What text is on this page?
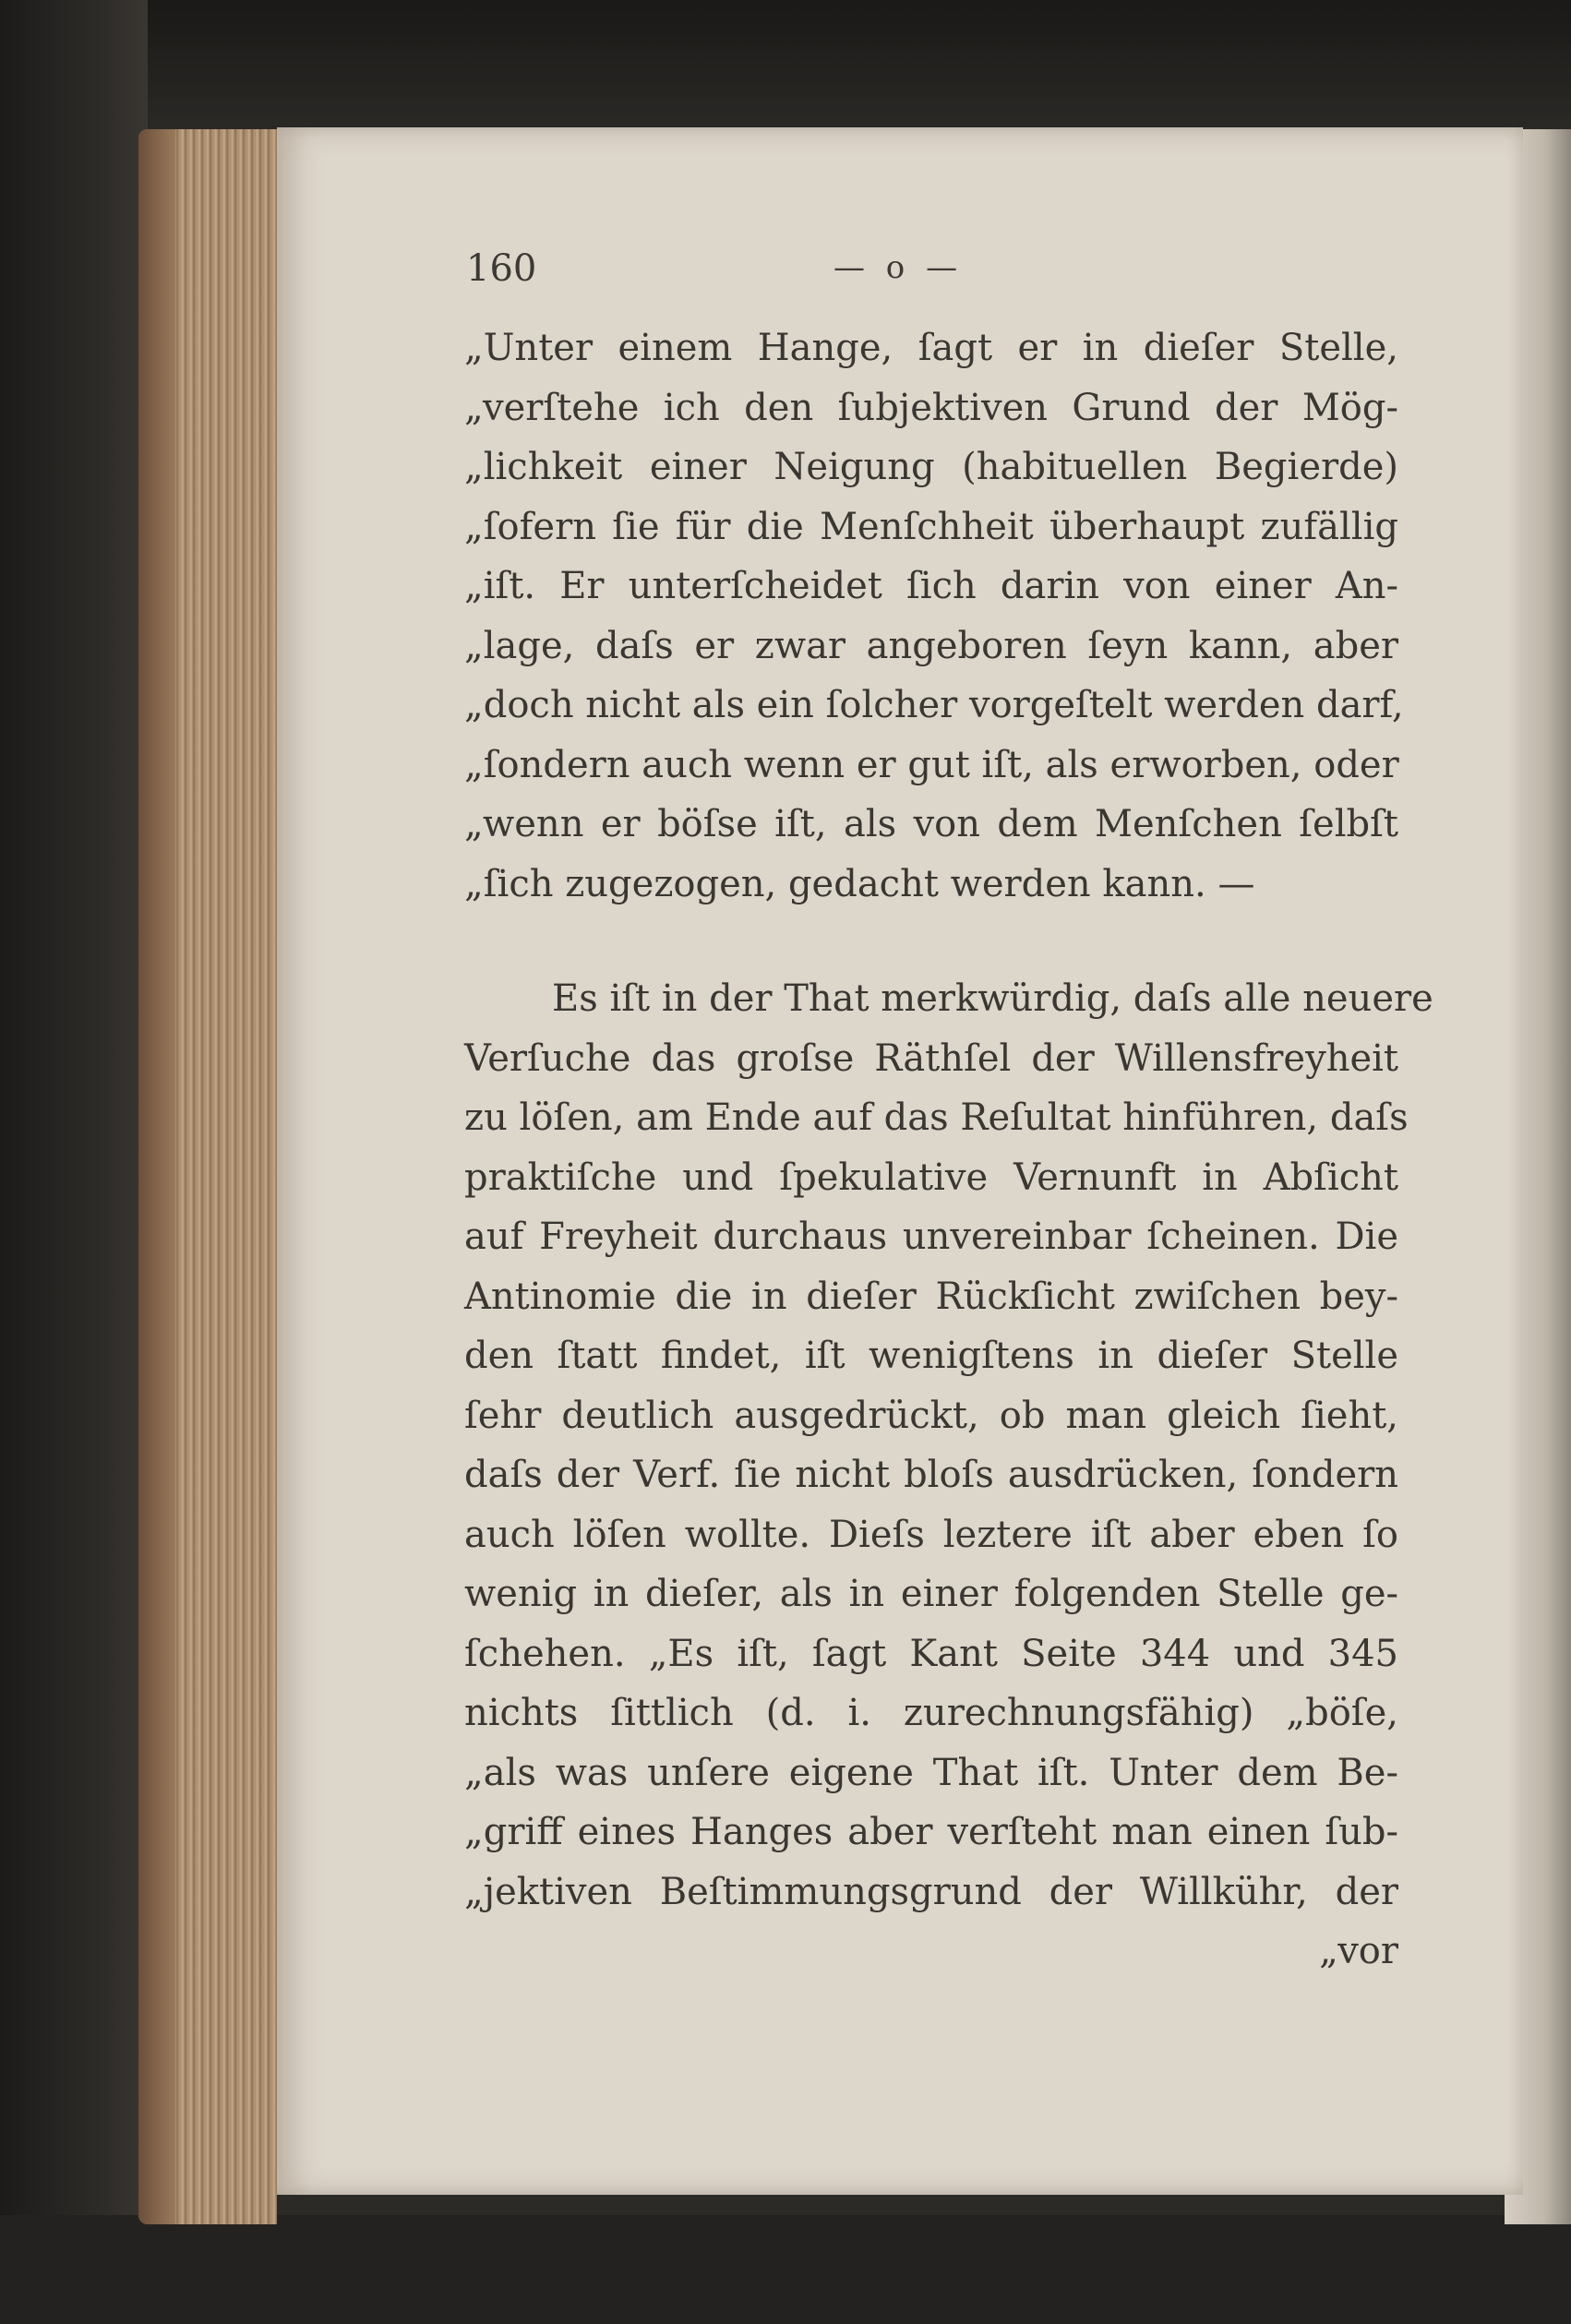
160	— o —
„Unter einem Hange, ſagt er in dieſer Stelle,
„verſtehe ich den ſubjektiven Grund der Mög-
„lichkeit einer Neigung (habituellen Begierde)
„ſofern ſie für die Menſchheit überhaupt zufällig
„iſt. Er unterſcheidet ſich darin von einer An-
„lage, daſs er zwar angeboren ſeyn kann, aber
„doch nicht als ein ſolcher vorgeſtelt werden darf,
„ſondern auch wenn er gut iſt, als erworben, oder
„wenn er böſse iſt, als von dem Menſchen ſelbſt
„ſich zugezogen, gedacht werden kann. —
Es iſt in der That merkwürdig, daſs alle neuere
Verſuche das groſse Räthſel der Willensfreyheit
zu löſen, am Ende auf das Reſultat hinführen, daſs
praktiſche und ſpekulative Vernunft in Abſicht
auf Freyheit durchaus unvereinbar ſcheinen. Die
Antinomie die in dieſer Rückſicht zwiſchen bey-
den ſtatt findet, iſt wenigſtens in dieſer Stelle
ſehr deutlich ausgedrückt, ob man gleich ſieht,
daſs der Verf. ſie nicht bloſs ausdrücken, ſondern
auch löſen wollte. Dieſs leztere iſt aber eben ſo
wenig in dieſer, als in einer folgenden Stelle ge-
ſchehen. „Es iſt, ſagt Kant Seite 344 und 345
nichts ſittlich (d. i. zurechnungsfähig) „böſe,
„als was unſere eigene That iſt. Unter dem Be-
„griff eines Hanges aber verſteht man einen ſub-
„jektiven Beſtimmungsgrund der Willkühr, der
„vor
